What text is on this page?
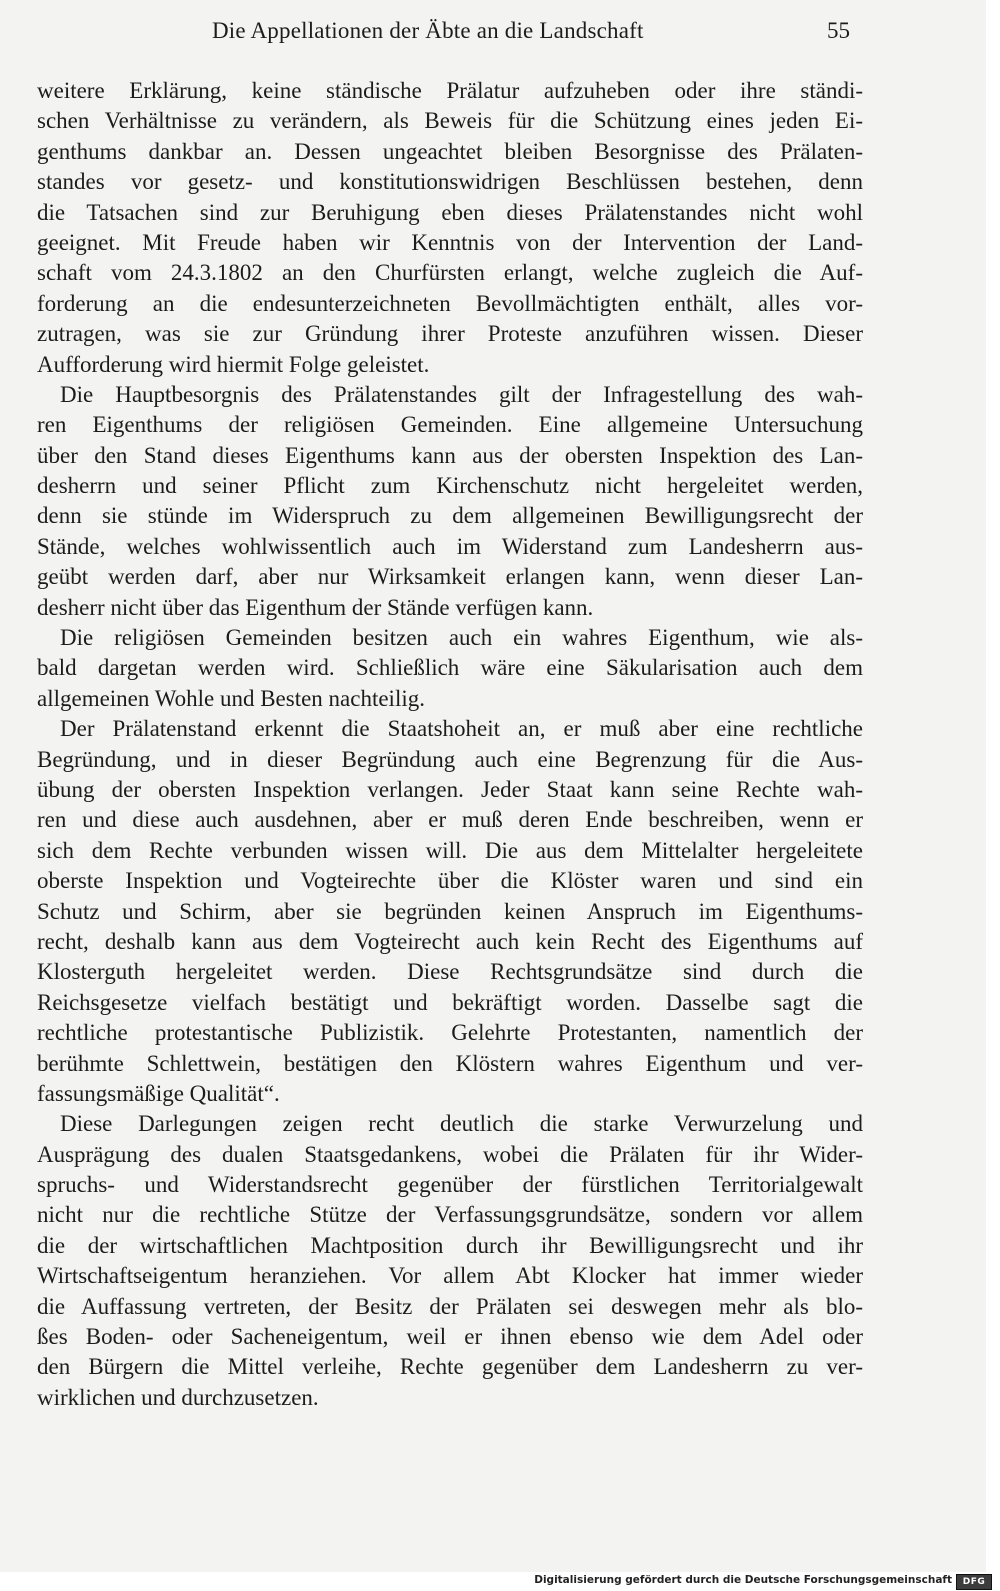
Die Appellationen der Äbte an die Landschaft	55
weitere Erklärung, keine ständische Prälatur aufzuheben oder ihre ständi-
schen Verhältnisse zu verändern, als Beweis für die Schützung eines jeden Ei-
genthums dankbar an. Dessen ungeachtet bleiben Besorgnisse des Prälaten-
standes vor gesetz- und konstitutionswidrigen Beschlüssen bestehen, denn
die Tatsachen sind zur Beruhigung eben dieses Prälatenstandes nicht wohl
geeignet. Mit Freude haben wir Kenntnis von der Intervention der Land-
schaft vom 24.3.1802 an den Churfürsten erlangt, welche zugleich die Auf-
forderung an die endesunterzeichneten Bevollmächtigten enthält, alles vor-
zutragen, was sie zur Gründung ihrer Proteste anzuführen wissen. Dieser
Aufforderung wird hiermit Folge geleistet.
Die Hauptbesorgnis des Prälatenstandes gilt der Infragestellung des wah-
ren Eigenthums der religiösen Gemeinden. Eine allgemeine Untersuchung
über den Stand dieses Eigenthums kann aus der obersten Inspektion des Lan-
desherrn und seiner Pflicht zum Kirchenschutz nicht hergeleitet werden,
denn sie stünde im Widerspruch zu dem allgemeinen Bewilligungsrecht der
Stände, welches wohlwissentlich auch im Widerstand zum Landesherrn aus-
geübt werden darf, aber nur Wirksamkeit erlangen kann, wenn dieser Lan-
desherr nicht über das Eigenthum der Stände verfügen kann.
Die religiösen Gemeinden besitzen auch ein wahres Eigenthum, wie als-
bald dargetan werden wird. Schließlich wäre eine Säkularisation auch dem
allgemeinen Wohle und Besten nachteilig.
Der Prälatenstand erkennt die Staatshoheit an, er muß aber eine rechtliche
Begründung, und in dieser Begründung auch eine Begrenzung für die Aus-
übung der obersten Inspektion verlangen. Jeder Staat kann seine Rechte wah-
ren und diese auch ausdehnen, aber er muß deren Ende beschreiben, wenn er
sich dem Rechte verbunden wissen will. Die aus dem Mittelalter hergeleitete
oberste Inspektion und Vogteirechte über die Klöster waren und sind ein
Schutz und Schirm, aber sie begründen keinen Anspruch im Eigenthums-
recht, deshalb kann aus dem Vogteirecht auch kein Recht des Eigenthums auf
Klosterguth hergeleitet werden. Diese Rechtsgrundsätze sind durch die
Reichsgesetze vielfach bestätigt und bekräftigt worden. Dasselbe sagt die
rechtliche protestantische Publizistik. Gelehrte Protestanten, namentlich der
berühmte Schlettwein, bestätigen den Klöstern wahres Eigenthum und ver-
fassungsmäßige Qualität“.
Diese Darlegungen zeigen recht deutlich die starke Verwurzelung und
Ausprägung des dualen Staatsgedankens, wobei die Prälaten für ihr Wider-
spruchs- und Widerstandsrecht gegenüber der fürstlichen Territorialgewalt
nicht nur die rechtliche Stütze der Verfassungsgrundsätze, sondern vor allem
die der wirtschaftlichen Machtposition durch ihr Bewilligungsrecht und ihr
Wirtschaftseigentum heranziehen. Vor allem Abt Klocker hat immer wieder
die Auffassung vertreten, der Besitz der Prälaten sei deswegen mehr als blo-
ßes Boden- oder Sacheneigentum, weil er ihnen ebenso wie dem Adel oder
den Bürgern die Mittel verleihe, Rechte gegenüber dem Landesherrn zu ver-
wirklichen und durchzusetzen.
Digitalisierung gefördert durch die Deutsche Forschungsgemeinschaft	DFG
